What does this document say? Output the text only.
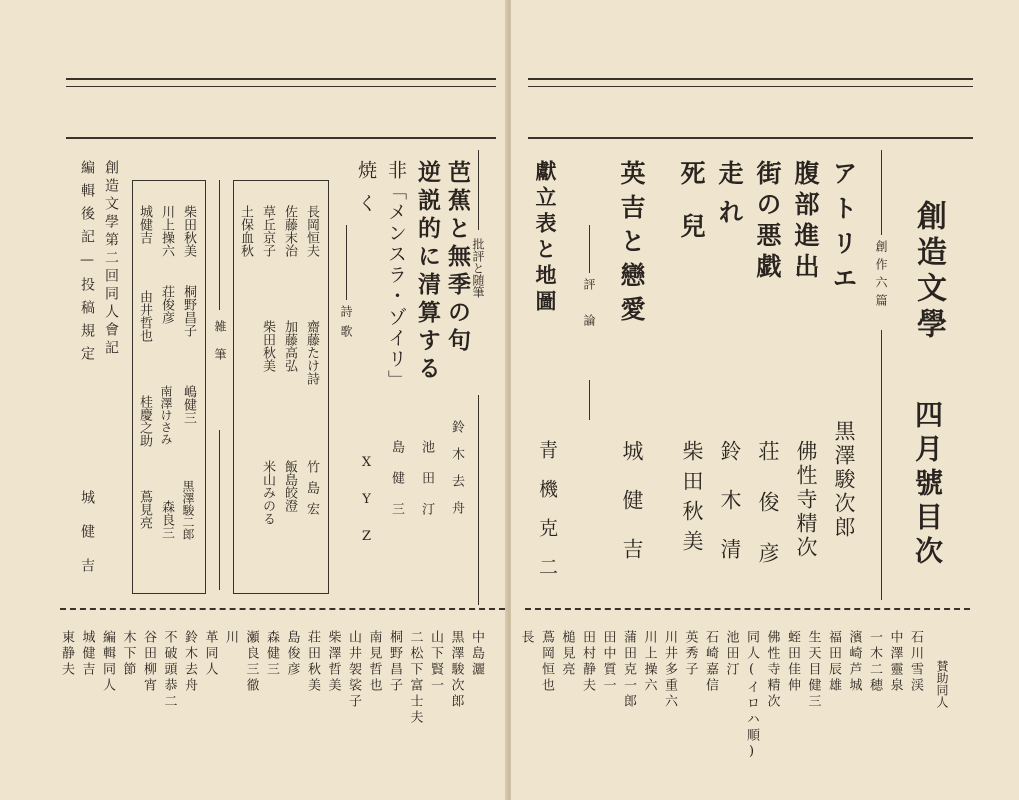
批評と随筆
芭蕉と無季の句
鈴木去舟
逆説的に清算する
池田汀
非「メンスラ・ゾイリ」
島健三
焼く
XYZ
詩歌
長岡恒夫
齋藤たけ詩
竹島宏
佐藤末治
加藤高弘
飯島皎澄
草丘京子
柴田秋美
米山みのる
土保血秋
雑筆
柴田秋美
桐野昌子
嶋健三
黒澤駿二郎
川上操六
荘俊彦
南澤けさみ
森良三
城健吉
由井哲也
桂慶之助
蔦見亮
創造文學第二回同人會記
編輯後記—投稿規定
城健吉
中島灑
黒澤駿次郎
山下賢一
二松下富士夫
桐野昌子
南見哲也
山井袈裟子
柴澤哲美
荘田秋美
島俊彦
森健三
瀬良三徹
川
革同人
鈴木去舟
不破頭恭二
谷田柳宵
木下節
編輯同人
城健吉
東静夫
創造文學
四月號目次
創作六篇
アトリエ
黒澤駿次郎
腹部進出
佛性寺精次
街の悪戯
荘俊彦
走れ
鈴木清
死兒
柴田秋美
英吉と戀愛
城健吉
評論
獻立表と地圖
青機克二
賛助同人
石川雪渓
中澤靈泉
一木二穂
濱崎芦城
福田辰雄
生天目健三
蛭田佳伸
佛性寺精次
同人(イロハ順)
池田汀
石崎嘉信
英秀子
川井多重六
川上操六
蒲田克一郎
田中質一
田村静夫
槌見亮
蔦岡恒也
長
